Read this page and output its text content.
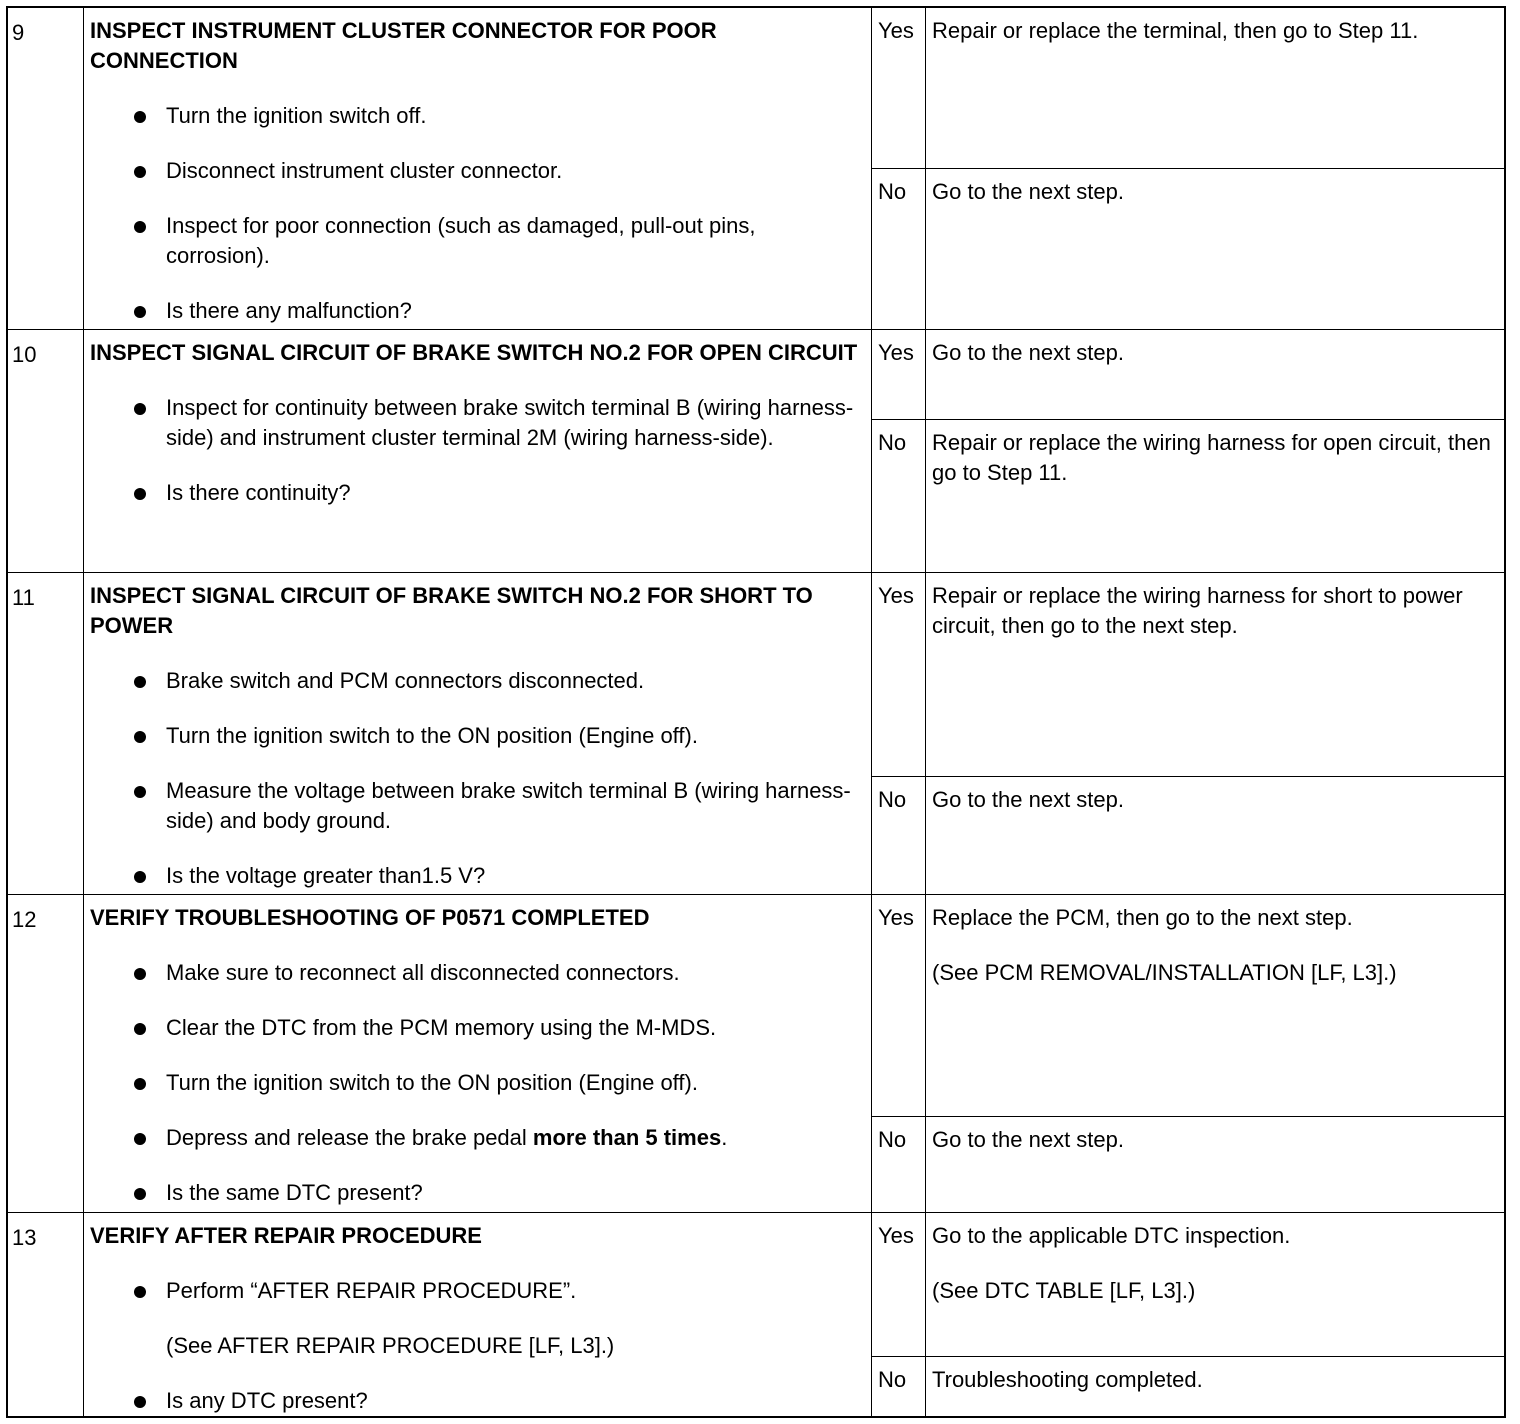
9	INSPECT INSTRUMENT CLUSTER CONNECTOR FOR POOR CONNECTION
Turn the ignition switch off.
Disconnect instrument cluster connector.
Inspect for poor connection (such as damaged, pull-out pins, corrosion).
Is there any malfunction?
Yes Repair or replace the terminal, then go to Step 11.
No	Go to the next step.
10	INSPECT SIGNAL CIRCUIT OF BRAKE SWITCH NO.2 FOR OPEN CIRCUIT
Inspect for continuity between brake switch terminal B (wiring harness-side) and instrument cluster terminal 2M (wiring harness-side).
Is there continuity?
Yes Go to the next step.
No	Repair or replace the wiring harness for open circuit, then go to Step 11.
11	INSPECT SIGNAL CIRCUIT OF BRAKE SWITCH NO.2 FOR SHORT TO POWER
Brake switch and PCM connectors disconnected.
Turn the ignition switch to the ON position (Engine off).
Measure the voltage between brake switch terminal B (wiring harness-side) and body ground.
Is the voltage greater than1.5 V?
Yes Repair or replace the wiring harness for short to power circuit, then go to the next step.
No	Go to the next step.
12	VERIFY TROUBLESHOOTING OF P0571 COMPLETED
Make sure to reconnect all disconnected connectors.
Clear the DTC from the PCM memory using the M-MDS.
Turn the ignition switch to the ON position (Engine off).
Depress and release the brake pedal more than 5 times.
Is the same DTC present?
Yes Replace the PCM, then go to the next step.

(See PCM REMOVAL/INSTALLATION [LF, L3].)

No	Go to the next step.
13	VERIFY AFTER REPAIR PROCEDURE
Perform “AFTER REPAIR PROCEDURE”.
(See AFTER REPAIR PROCEDURE [LF, L3].)
Is any DTC present?
Yes Go to the applicable DTC inspection.

(See DTC TABLE [LF, L3].)

No	Troubleshooting completed.
